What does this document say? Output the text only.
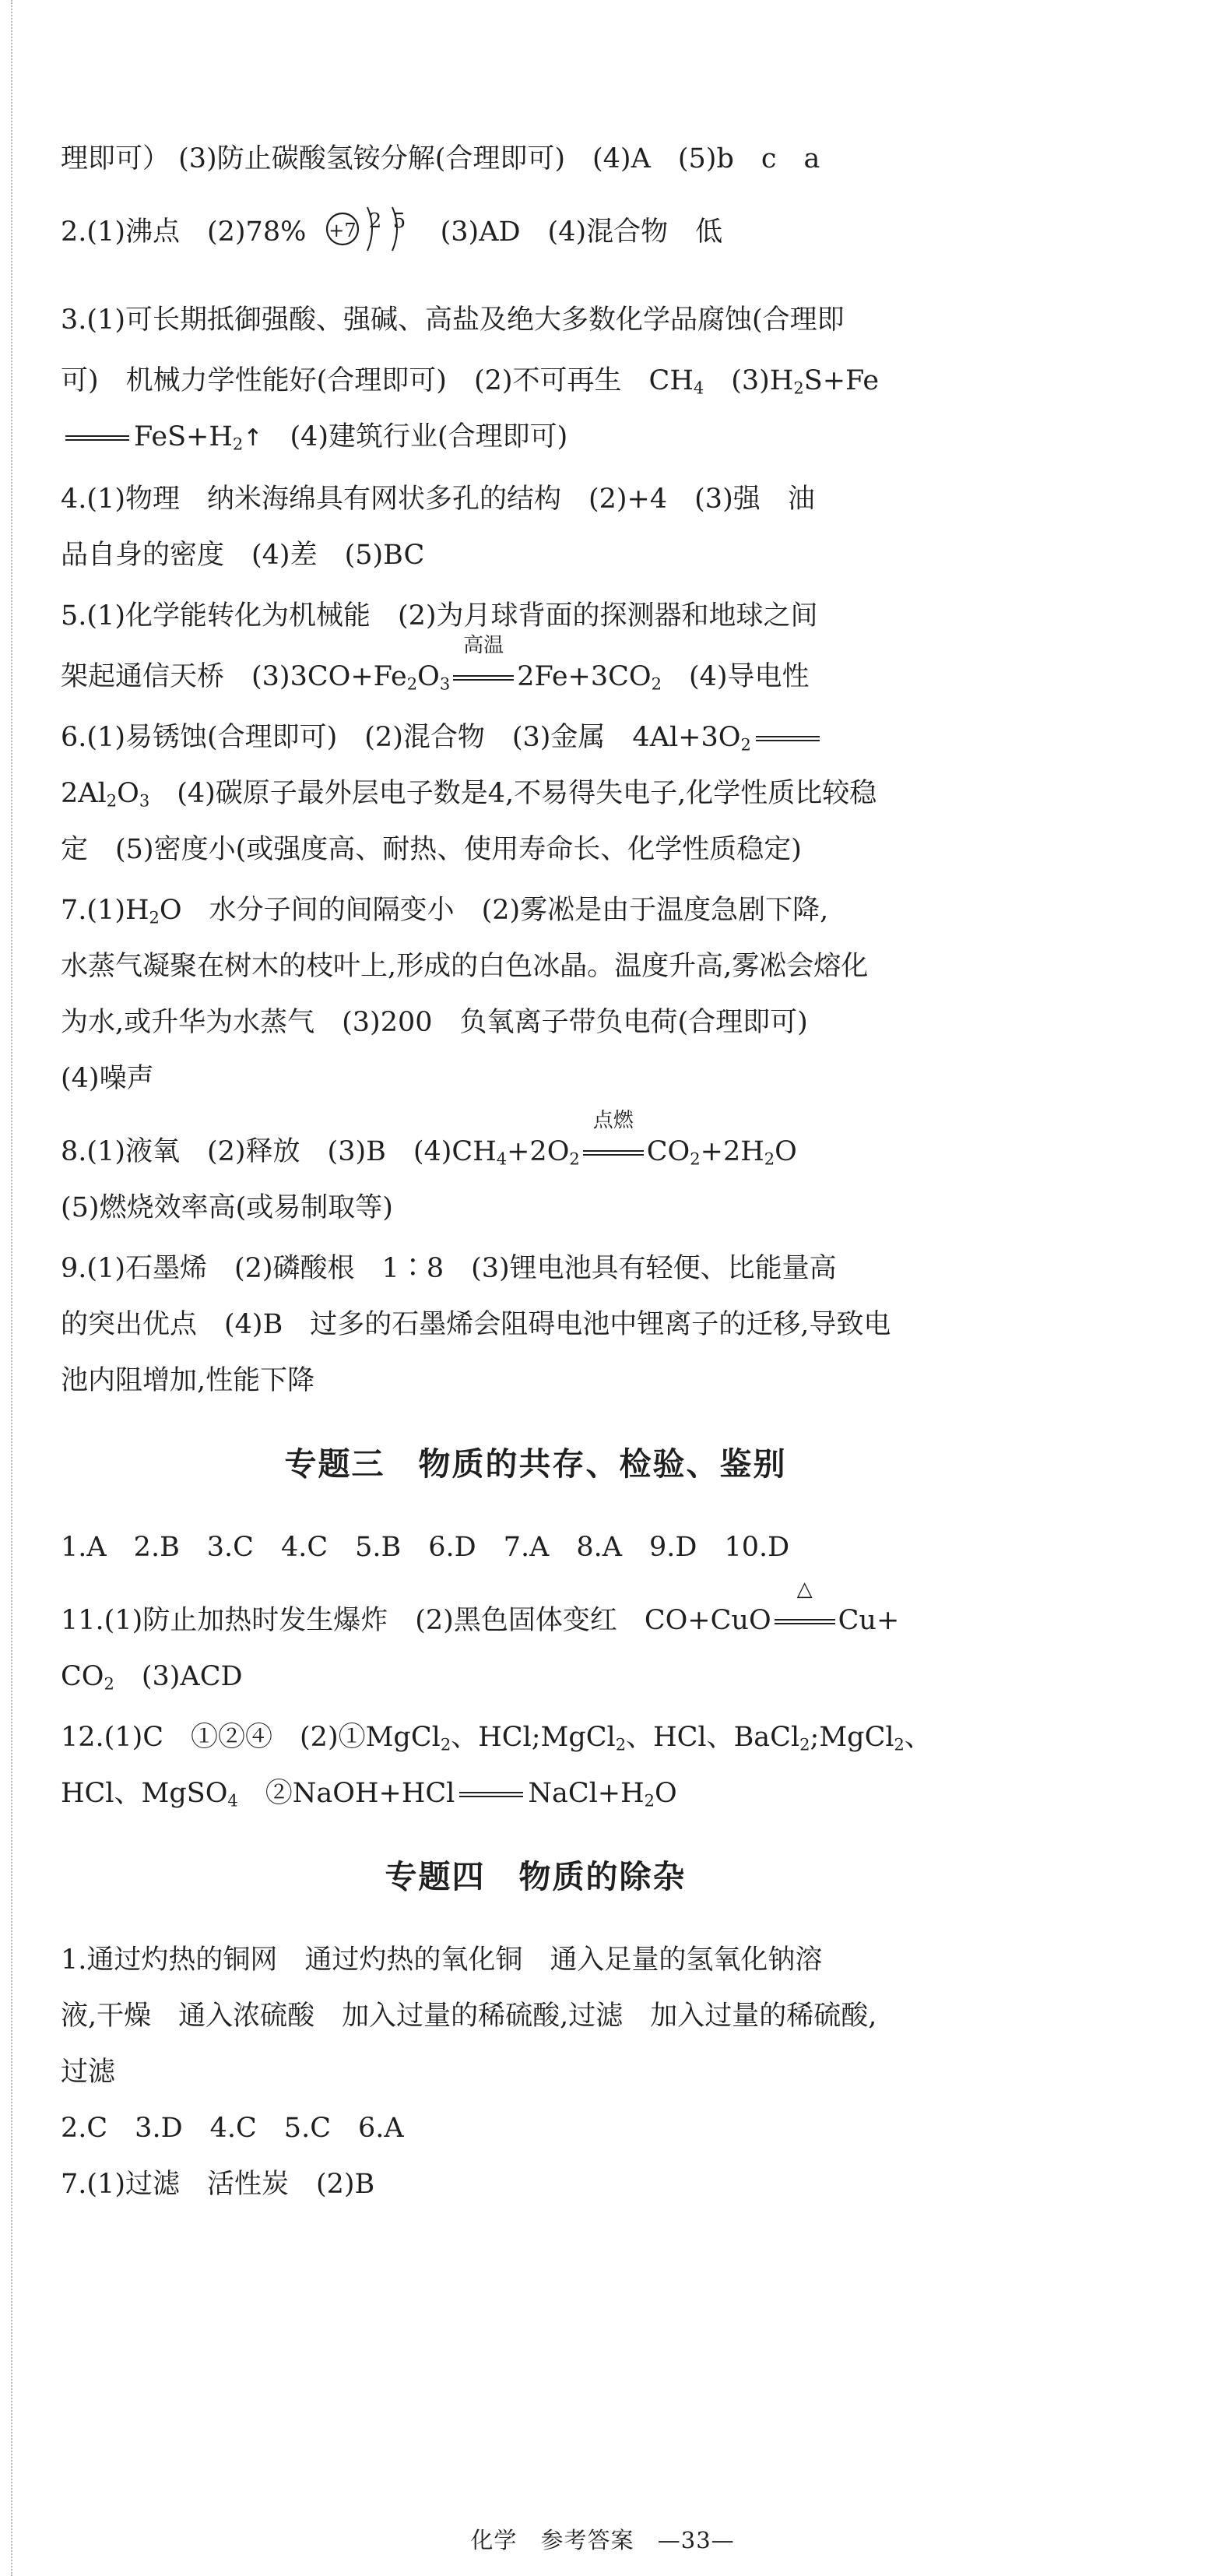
理即可） (3)防止碳酸氢铵分解(合理即可)　(4)A　(5)b　c　a
2.(1)沸点　(2)78% +7 2 5 (3)AD　(4)混合物　低
3.(1)可长期抵御强酸、强碱、高盐及绝大多数化学品腐蚀(合理即
可)　机械力学性能好(合理即可)　(2)不可再生　$CH_4$　$(3)H_2S+Fe$
$FeS+H_2↑$　(4)建筑行业(合理即可)
4.(1)物理　纳米海绵具有网状多孔的结构　(2)+4　(3)强　油
品自身的密度　(4)差　(5)BC
5.(1)化学能转化为机械能　(2)为月球背面的探测器和地球之间
架起通信天桥　$(3)3CO+Fe_2O_3$
高温
$2Fe+3CO_2$　(4)导电性
6.(1)易锈蚀(合理即可)　(2)混合物　(3)金属　$4Al+3O_2$
$2Al_2O_3$　(4)碳原子最外层电子数是4,不易得失电子,化学性质比较稳
定　(5)密度小(或强度高、耐热、使用寿命长、化学性质稳定)
$7.(1)H_2O$　水分子间的间隔变小　(2)雾凇是由于温度急剧下降,
水蒸气凝聚在树木的枝叶上,形成的白色冰晶。温度升高,雾凇会熔化
为水,或升华为水蒸气　(3)200　负氧离子带负电荷(合理即可)
(4)噪声
8.(1)液氧　(2)释放　(3)B　$(4)CH_4+2O_2$
点燃
$CO_2+2H_2O$
(5)燃烧效率高(或易制取等)
9.(1)石墨烯　(2)磷酸根　1∶8　(3)锂电池具有轻便、比能量高
的突出优点　(4)B　过多的石墨烯会阻碍电池中锂离子的迁移,导致电
池内阻增加,性能下降
专题三　物质的共存、检验、鉴别
1.A　2.B　3.C　4.C　5.B　6.D　7.A　8.A　9.D　10.D
11.(1)防止加热时发生爆炸　(2)黑色固体变红　CO+CuO
△
Cu+
$CO_2$　(3)ACD
12.(1)C　①②④　(2)①MgCl$_2$、HCl;MgCl$_2$、HCl、BaCl$_2$;MgCl$_2$、
HCl、MgSO$_4$　②NaOH+HCl	$NaCl+H_2O$
专题四　物质的除杂
1.通过灼热的铜网　通过灼热的氧化铜　通入足量的氢氧化钠溶
液,干燥　通入浓硫酸　加入过量的稀硫酸,过滤　加入过量的稀硫酸,
过滤
2.C　3.D　4.C　5.C　6.A
7.(1)过滤　活性炭　(2)B
化学 参考答案 —33—
